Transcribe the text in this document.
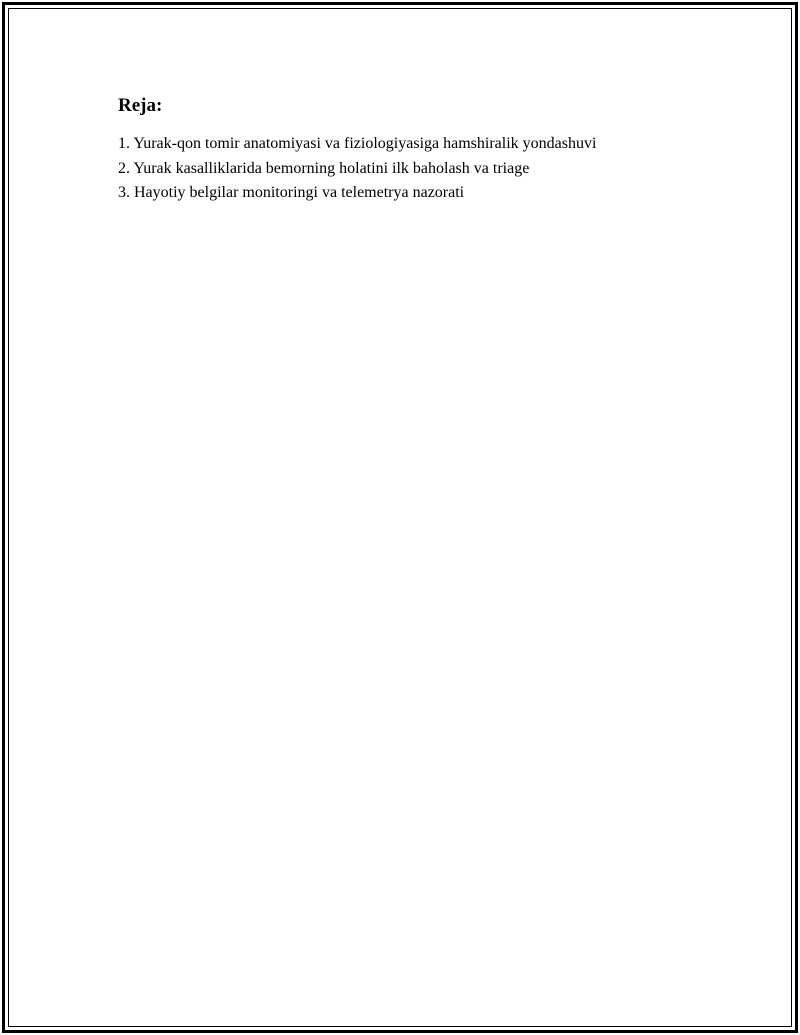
Reja:
1. Yurak-qon tomir anatomiyasi va fiziologiyasiga hamshiralik yondashuvi
2. Yurak kasalliklarida bemorning holatini ilk baholash va triage
3. Hayotiy belgilar monitoringi va telemetrya nazorati
